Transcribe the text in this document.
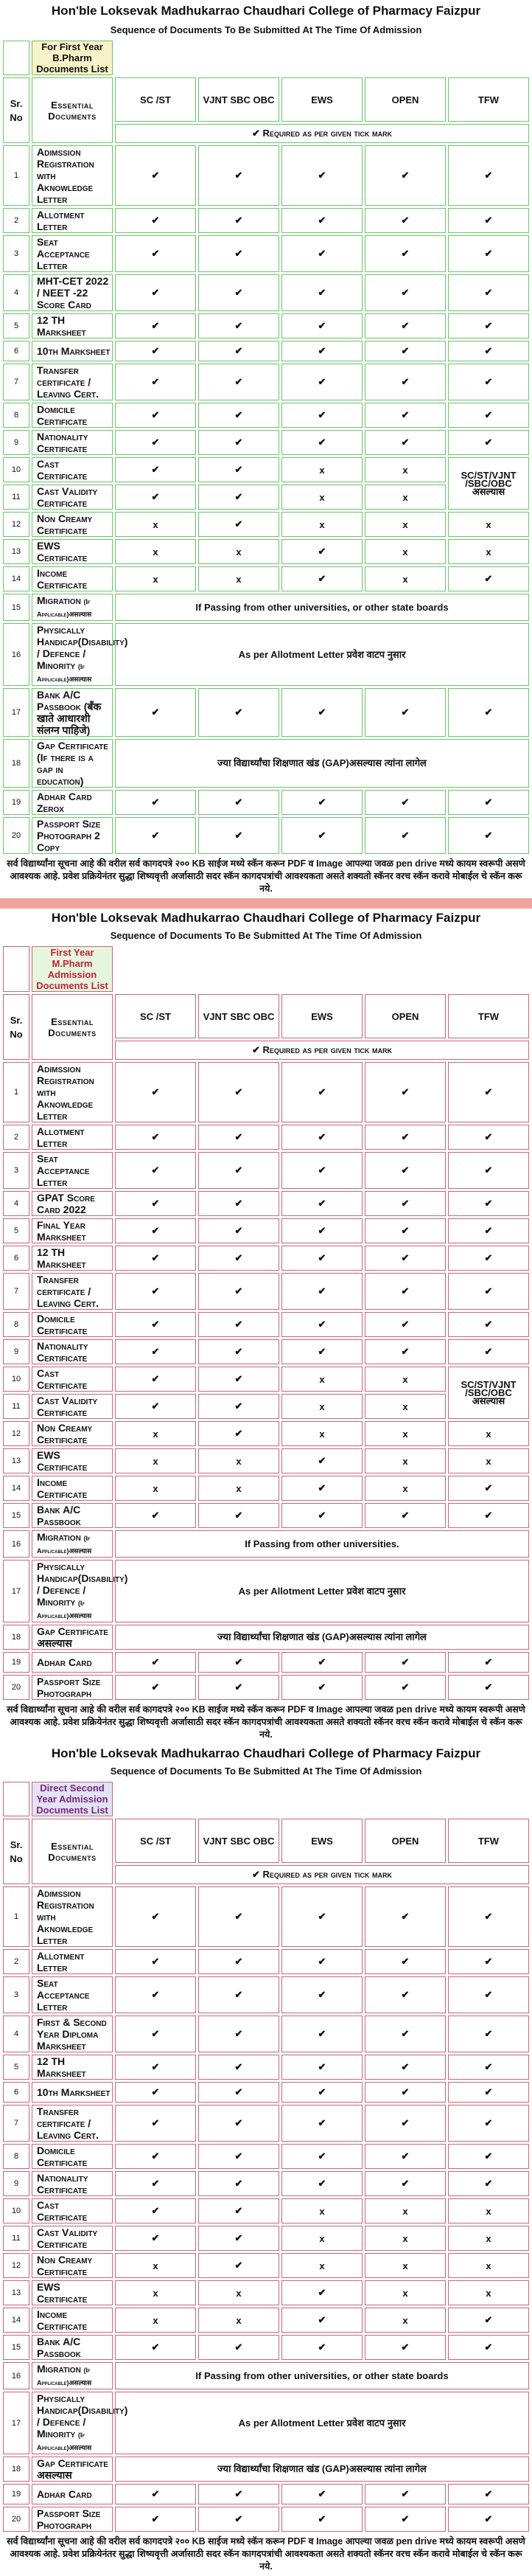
Hon'ble Loksevak Madhukarrao Chaudhari College of Pharmacy Faizpur
Sequence of Documents To Be Submitted At The Time Of Admission
	For First Year B.Pharm Documents List					
Sr. No	Essential Documents	SC /ST	VJNT SBC OBC	EWS	OPEN	TFW
		✔ Required as per given tick mark				
1	Adimssion Registration with Aknowledge Letter	✔	✔	✔	✔	✔
2	Allotment Letter	✔	✔	✔	✔	✔
3	Seat Acceptance Letter	✔	✔	✔	✔	✔
4	MHT-CET 2022 / NEET -22 Score Card	✔	✔	✔	✔	✔
5	12 TH Marksheet	✔	✔	✔	✔	✔
6	10th Marksheet	✔	✔	✔	✔	✔
7	Transfer certificate / Leaving Cert.	✔	✔	✔	✔	✔
8	Domicile Certificate	✔	✔	✔	✔	✔
9	Nationality Certificate	✔	✔	✔	✔	✔
10	Cast Certificate	✔	✔	x	x	SC/ST/VJNT /SBC/OBC असल्यास
11	Cast Validity Certificate	✔	✔	x	x	
12	Non Creamy Certificate	x	✔	x	x	x
13	EWS Certificate	x	x	✔	x	x
14	Income Certificate	x	x	✔	x	✔
15	Migration (If Applicable)असल्यास	If Passing from other universities, or other state boards				
16	Physically Handicap(Disability) / Defence / Minority (If Applicable)असल्यास	As per Allotment Letter प्रवेश वाटप नुसार				
17	Bank A/C Passbook (बँक खाते आधारशी संलग्न पाहिजे)	✔	✔	✔	✔	✔
18	Gap Certificate (If there is a gap in education)	ज्या विद्यार्थ्यांचा शिक्षणात खंड (GAP)असल्यास त्यांना लागेल				
19	Adhar Card Zerox	✔	✔	✔	✔	✔
20	Passport Size Photograph 2 Copy	✔	✔	✔	✔	✔
सर्व विद्यार्थ्यांना सूचना आहे की वरील सर्व कागदपत्रे २०० KB साईज मध्ये स्कॅन करून PDF व Image आपल्या जवळ pen drive मध्ये कायम स्वरूपी असणे आवश्यक आहे. प्रवेश प्रक्रियेनंतर सुद्धा शिष्यवृत्ती अर्जासाठी सदर स्कॅन कागदपत्रांची आवश्यकता असते शक्यतो स्कॅनर वरच स्कॅन करावे मोबाईल चे स्कॅन करू नये.
Hon'ble Loksevak Madhukarrao Chaudhari College of Pharmacy Faizpur
Sequence of Documents To Be Submitted At The Time Of Admission
	First Year M.Pharm Admission Documents List					
Sr. No	Essential Documents	SC /ST	VJNT SBC OBC	EWS	OPEN	TFW
		✔ Required as per given tick mark				
1	Adimssion Registration with Aknowledge Letter	✔	✔	✔	✔	✔
2	Allotment Letter	✔	✔	✔	✔	✔
3	Seat Acceptance Letter	✔	✔	✔	✔	✔
4	GPAT Score Card 2022	✔	✔	✔	✔	✔
5	Final Year Marksheet	✔	✔	✔	✔	✔
6	12 TH Marksheet	✔	✔	✔	✔	✔
7	Transfer certificate / Leaving Cert.	✔	✔	✔	✔	✔
8	Domicile Certificate	✔	✔	✔	✔	✔
9	Nationality Certificate	✔	✔	✔	✔	✔
10	Cast Certificate	✔	✔	x	x	SC/ST/VJNT /SBC/OBC असल्यास
11	Cast Validity Certificate	✔	✔	x	x	
12	Non Creamy Certificate	x	✔	x	x	x
13	EWS Certificate	x	x	✔	x	x
14	Income Certificate	x	x	✔	x	✔
15	Bank A/C Passbook	✔	✔	✔	✔	✔
16	Migration (If Applicable)असल्यास	If Passing from other universities.				
17	Physically Handicap(Disability) / Defence / Minority (If Applicable)असल्यास	As per Allotment Letter प्रवेश वाटप नुसार				
18	Gap Certificate असल्यास	ज्या विद्यार्थ्यांचा शिक्षणात खंड (GAP)असल्यास त्यांना लागेल				
19	Adhar Card	✔	✔	✔	✔	✔
20	Passport Size Photograph	✔	✔	✔	✔	✔
सर्व विद्यार्थ्यांना सूचना आहे की वरील सर्व कागदपत्रे २०० KB साईज मध्ये स्कॅन करून PDF व Image आपल्या जवळ pen drive मध्ये कायम स्वरूपी असणे आवश्यक आहे. प्रवेश प्रक्रियेनंतर सुद्धा शिष्यवृत्ती अर्जासाठी सदर स्कॅन कागदपत्रांची आवश्यकता असते शक्यतो स्कॅनर वरच स्कॅन करावे मोबाईल चे स्कॅन करू नये.
Hon'ble Loksevak Madhukarrao Chaudhari College of Pharmacy Faizpur
Sequence of Documents To Be Submitted At The Time Of Admission
	Direct Second Year Admission Documents List					
Sr. No	Essential Documents	SC /ST	VJNT SBC OBC	EWS	OPEN	TFW
		✔ Required as per given tick mark				
1	Adimssion Registration with Aknowledge Letter	✔	✔	✔	✔	✔
2	Allotment Letter	✔	✔	✔	✔	✔
3	Seat Acceptance Letter	✔	✔	✔	✔	✔
4	First & Second Year Diploma Marksheet	✔	✔	✔	✔	✔
5	12 TH Marksheet	✔	✔	✔	✔	✔
6	10th Marksheet	✔	✔	✔	✔	✔
7	Transfer certificate / Leaving Cert.	✔	✔	✔	✔	✔
8	Domicile Certificate	✔	✔	✔	✔	✔
9	Nationality Certificate	✔	✔	✔	✔	✔
10	Cast Certificate	✔	✔	x	x	x
11	Cast Validity Certificate	✔	✔	x	x	x
12	Non Creamy Certificate	x	✔	x	x	x
13	EWS Certificate	x	x	✔	x	x
14	Income Certificate	x	x	✔	x	✔
15	Bank A/C Passbook	✔	✔	✔	✔	✔
16	Migration (If Applicable)असल्यास	If Passing from other universities, or other state boards				
17	Physically Handicap(Disability) / Defence / Minority (If Applicable)असल्यास	As per Allotment Letter प्रवेश वाटप नुसार				
18	Gap Certificate असल्यास	ज्या विद्यार्थ्यांचा शिक्षणात खंड (GAP)असल्यास त्यांना लागेल				
19	Adhar Card	✔	✔	✔	✔	✔
20	Passport Size Photograph	✔	✔	✔	✔	✔
सर्व विद्यार्थ्यांना सूचना आहे की वरील सर्व कागदपत्रे २०० KB साईज मध्ये स्कॅन करून PDF व Image आपल्या जवळ pen drive मध्ये कायम स्वरूपी असणे आवश्यक आहे. प्रवेश प्रक्रियेनंतर सुद्धा शिष्यवृत्ती अर्जासाठी सदर स्कॅन कागदपत्रांची आवश्यकता असते शक्यतो स्कॅनर वरच स्कॅन करावे मोबाईल चे स्कॅन करू नये.
